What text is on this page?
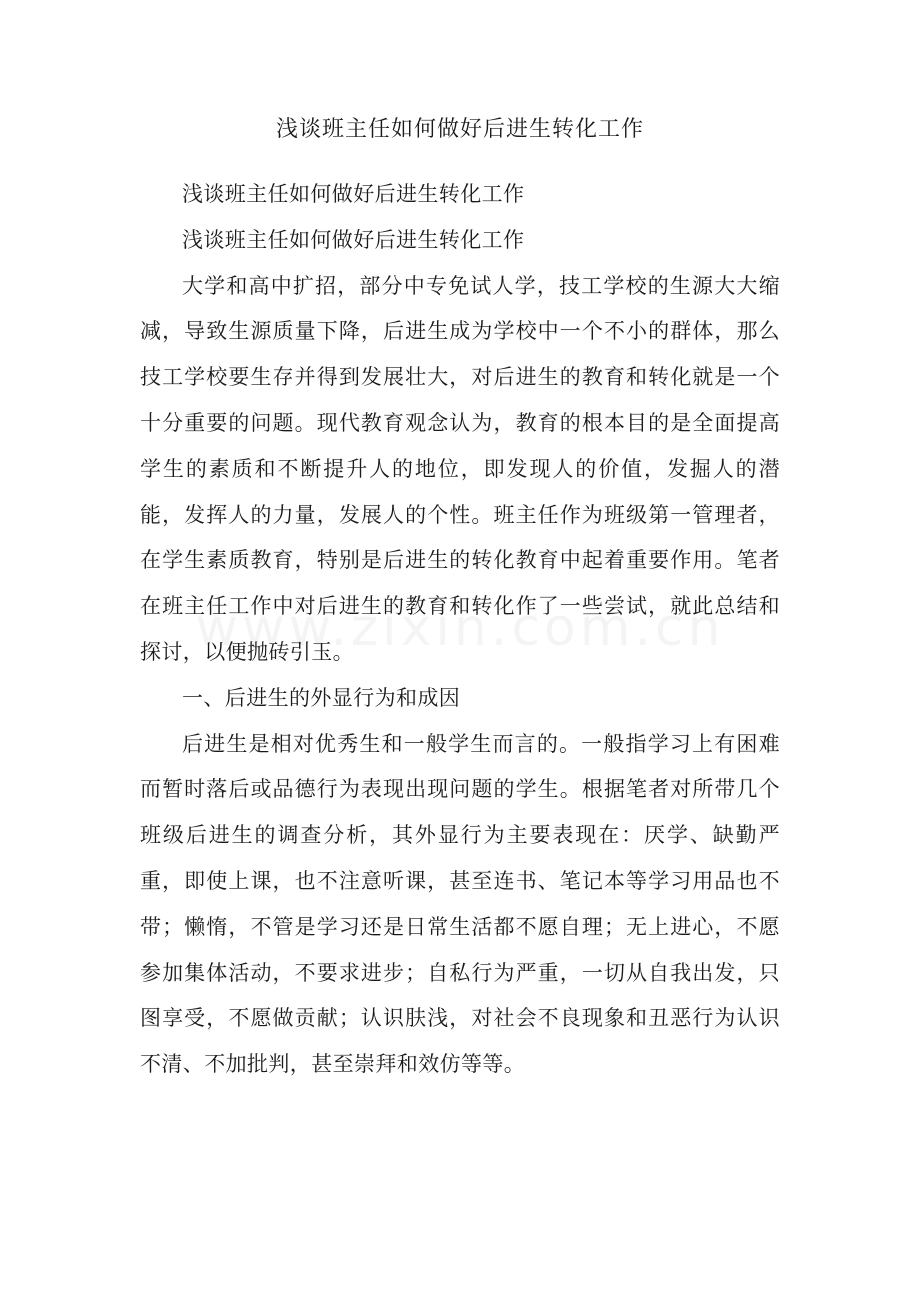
浅谈班主任如何做好后进生转化工作

浅谈班主任如何做好后进生转化工作

浅谈班主任如何做好后进生转化工作

大学和高中扩招，部分中专免试人学，技工学校的生源大大缩减，导致生源质量下降，后进生成为学校中一个不小的群体，那么技工学校要生存并得到发展壮大，对后进生的教育和转化就是一个十分重要的问题。现代教育观念认为，教育的根本目的是全面提高学生的素质和不断提升人的地位，即发现人的价值，发掘人的潜能，发挥人的力量，发展人的个性。班主任作为班级第一管理者，在学生素质教育，特别是后进生的转化教育中起着重要作用。笔者在班主任工作中对后进生的教育和转化作了一些尝试，就此总结和探讨，以便抛砖引玉。

一、后进生的外显行为和成因

后进生是相对优秀生和一般学生而言的。一般指学习上有困难而暂时落后或品德行为表现出现问题的学生。根据笔者对所带几个班级后进生的调查分析，其外显行为主要表现在：厌学、缺勤严重，即使上课，也不注意听课，甚至连书、笔记本等学习用品也不带；懒惰，不管是学习还是日常生活都不愿自理；无上进心，不愿参加集体活动，不要求进步；自私行为严重，一切从自我出发，只图享受，不愿做贡献；认识肤浅，对社会不良现象和丑恶行为认识不清、不加批判，甚至崇拜和效仿等等。
